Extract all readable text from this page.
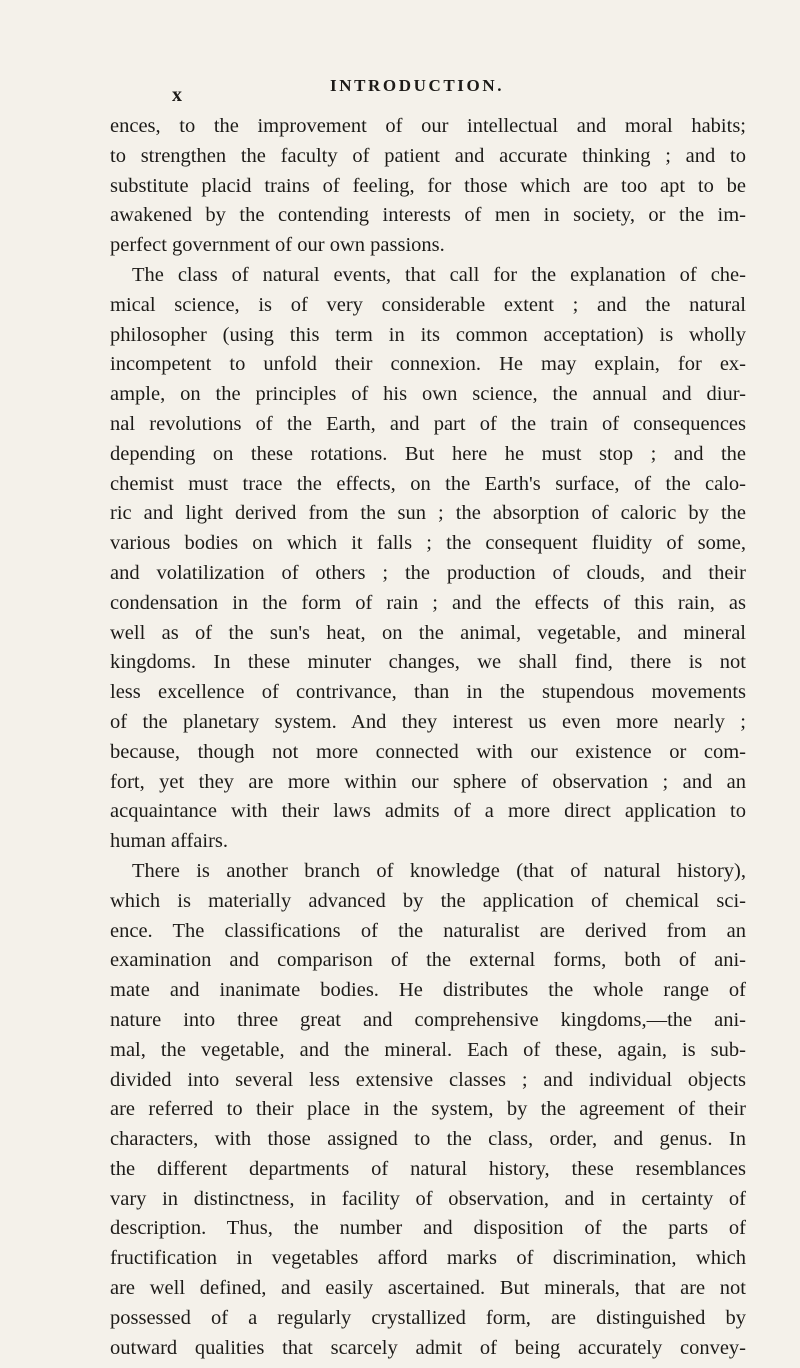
x	INTRODUCTION.
ences, to the improvement of our intellectual and moral habits;
to strengthen the faculty of patient and accurate thinking ; and to
substitute placid trains of feeling, for those which are too apt to be
awakened by the contending interests of men in society, or the im-
perfect government of our own passions.
The class of natural events, that call for the explanation of che-
mical science, is of very considerable extent ; and the natural
philosopher (using this term in its common acceptation) is wholly
incompetent to unfold their connexion. He may explain, for ex-
ample, on the principles of his own science, the annual and diur-
nal revolutions of the Earth, and part of the train of consequences
depending on these rotations. But here he must stop ; and the
chemist must trace the effects, on the Earth's surface, of the calo-
ric and light derived from the sun ; the absorption of caloric by the
various bodies on which it falls ; the consequent fluidity of some,
and volatilization of others ; the production of clouds, and their
condensation in the form of rain ; and the effects of this rain, as
well as of the sun's heat, on the animal, vegetable, and mineral
kingdoms. In these minuter changes, we shall find, there is not
less excellence of contrivance, than in the stupendous movements
of the planetary system. And they interest us even more nearly ;
because, though not more connected with our existence or com-
fort, yet they are more within our sphere of observation ; and an
acquaintance with their laws admits of a more direct application to
human affairs.
There is another branch of knowledge (that of natural history),
which is materially advanced by the application of chemical sci-
ence. The classifications of the naturalist are derived from an
examination and comparison of the external forms, both of ani-
mate and inanimate bodies. He distributes the whole range of
nature into three great and comprehensive kingdoms,—the ani-
mal, the vegetable, and the mineral. Each of these, again, is sub-
divided into several less extensive classes ; and individual objects
are referred to their place in the system, by the agreement of their
characters, with those assigned to the class, order, and genus. In
the different departments of natural history, these resemblances
vary in distinctness, in facility of observation, and in certainty of
description. Thus, the number and disposition of the parts of
fructification in vegetables afford marks of discrimination, which
are well defined, and easily ascertained. But minerals, that are not
possessed of a regularly crystallized form, are distinguished by
outward qualities that scarcely admit of being accurately convey-
